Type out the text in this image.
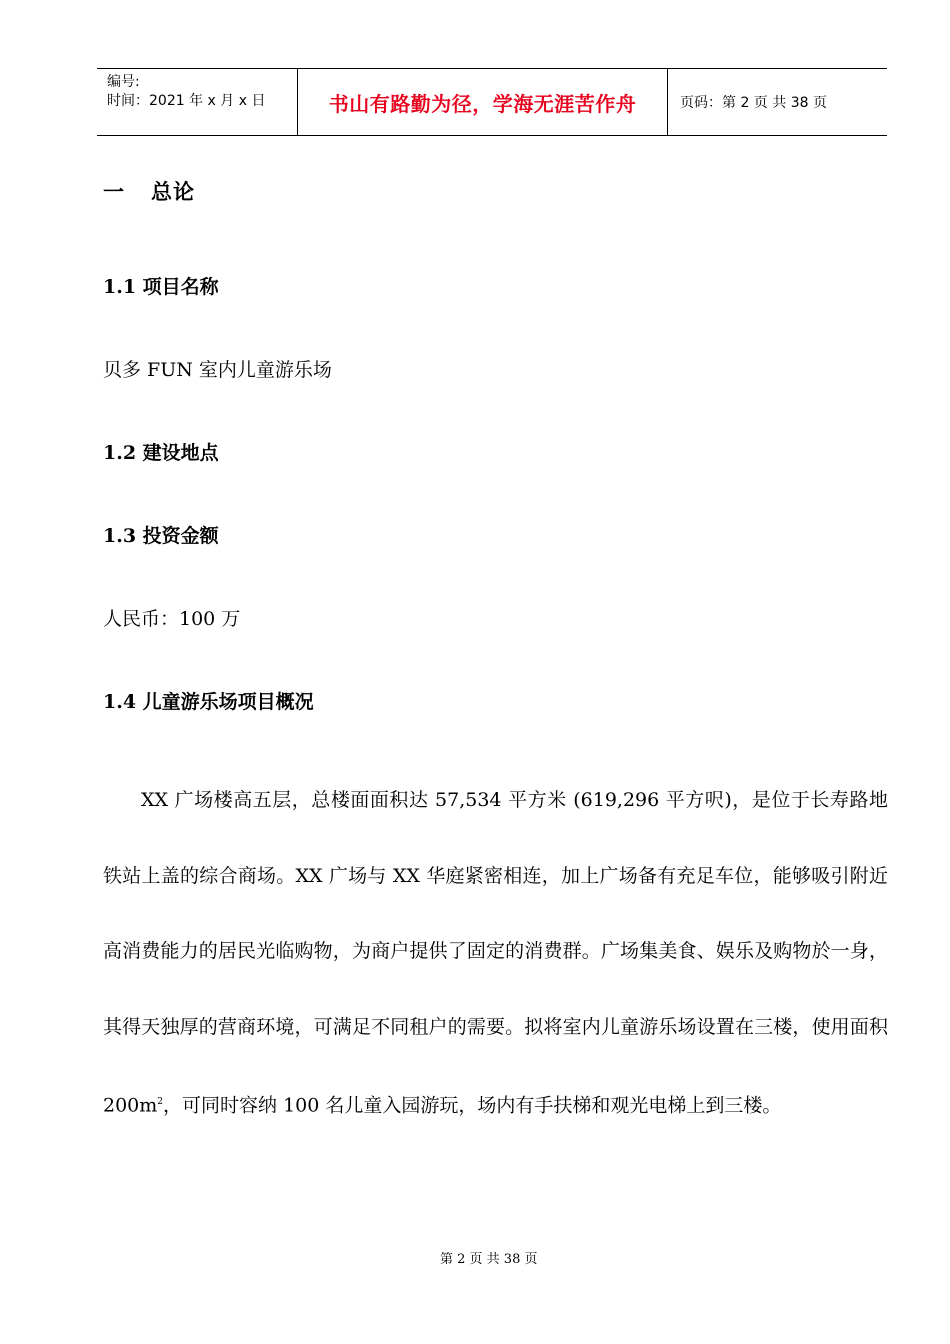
编号:
时间：2021 年 x 月 x 日	书山有路勤为径，学海无涯苦作舟	页码：第 2 页 共 38 页
一 总论
1.1 项目名称
贝多 FUN 室内儿童游乐场
1.2 建设地点
1.3 投资金额
人民币：100 万
1.4 儿童游乐场项目概况

XX 广场楼高五层，总楼面面积达 57,534 平方米 (619,296 平方呎)，是位于长寿路地铁站上盖的综合商场。XX 广场与 XX 华庭紧密相连，加上广场备有充足车位，能够吸引附近高消费能力的居民光临购物，为商户提供了固定的消费群。广场集美食、娱乐及购物於一身，其得天独厚的营商环境，可满足不同租户的需要。拟将室内儿童游乐场设置在三楼，使用面积 $200m^2$，可同时容纳 100 名儿童入园游玩，场内有手扶梯和观光电梯上到三楼。

第 2 页 共 38 页
